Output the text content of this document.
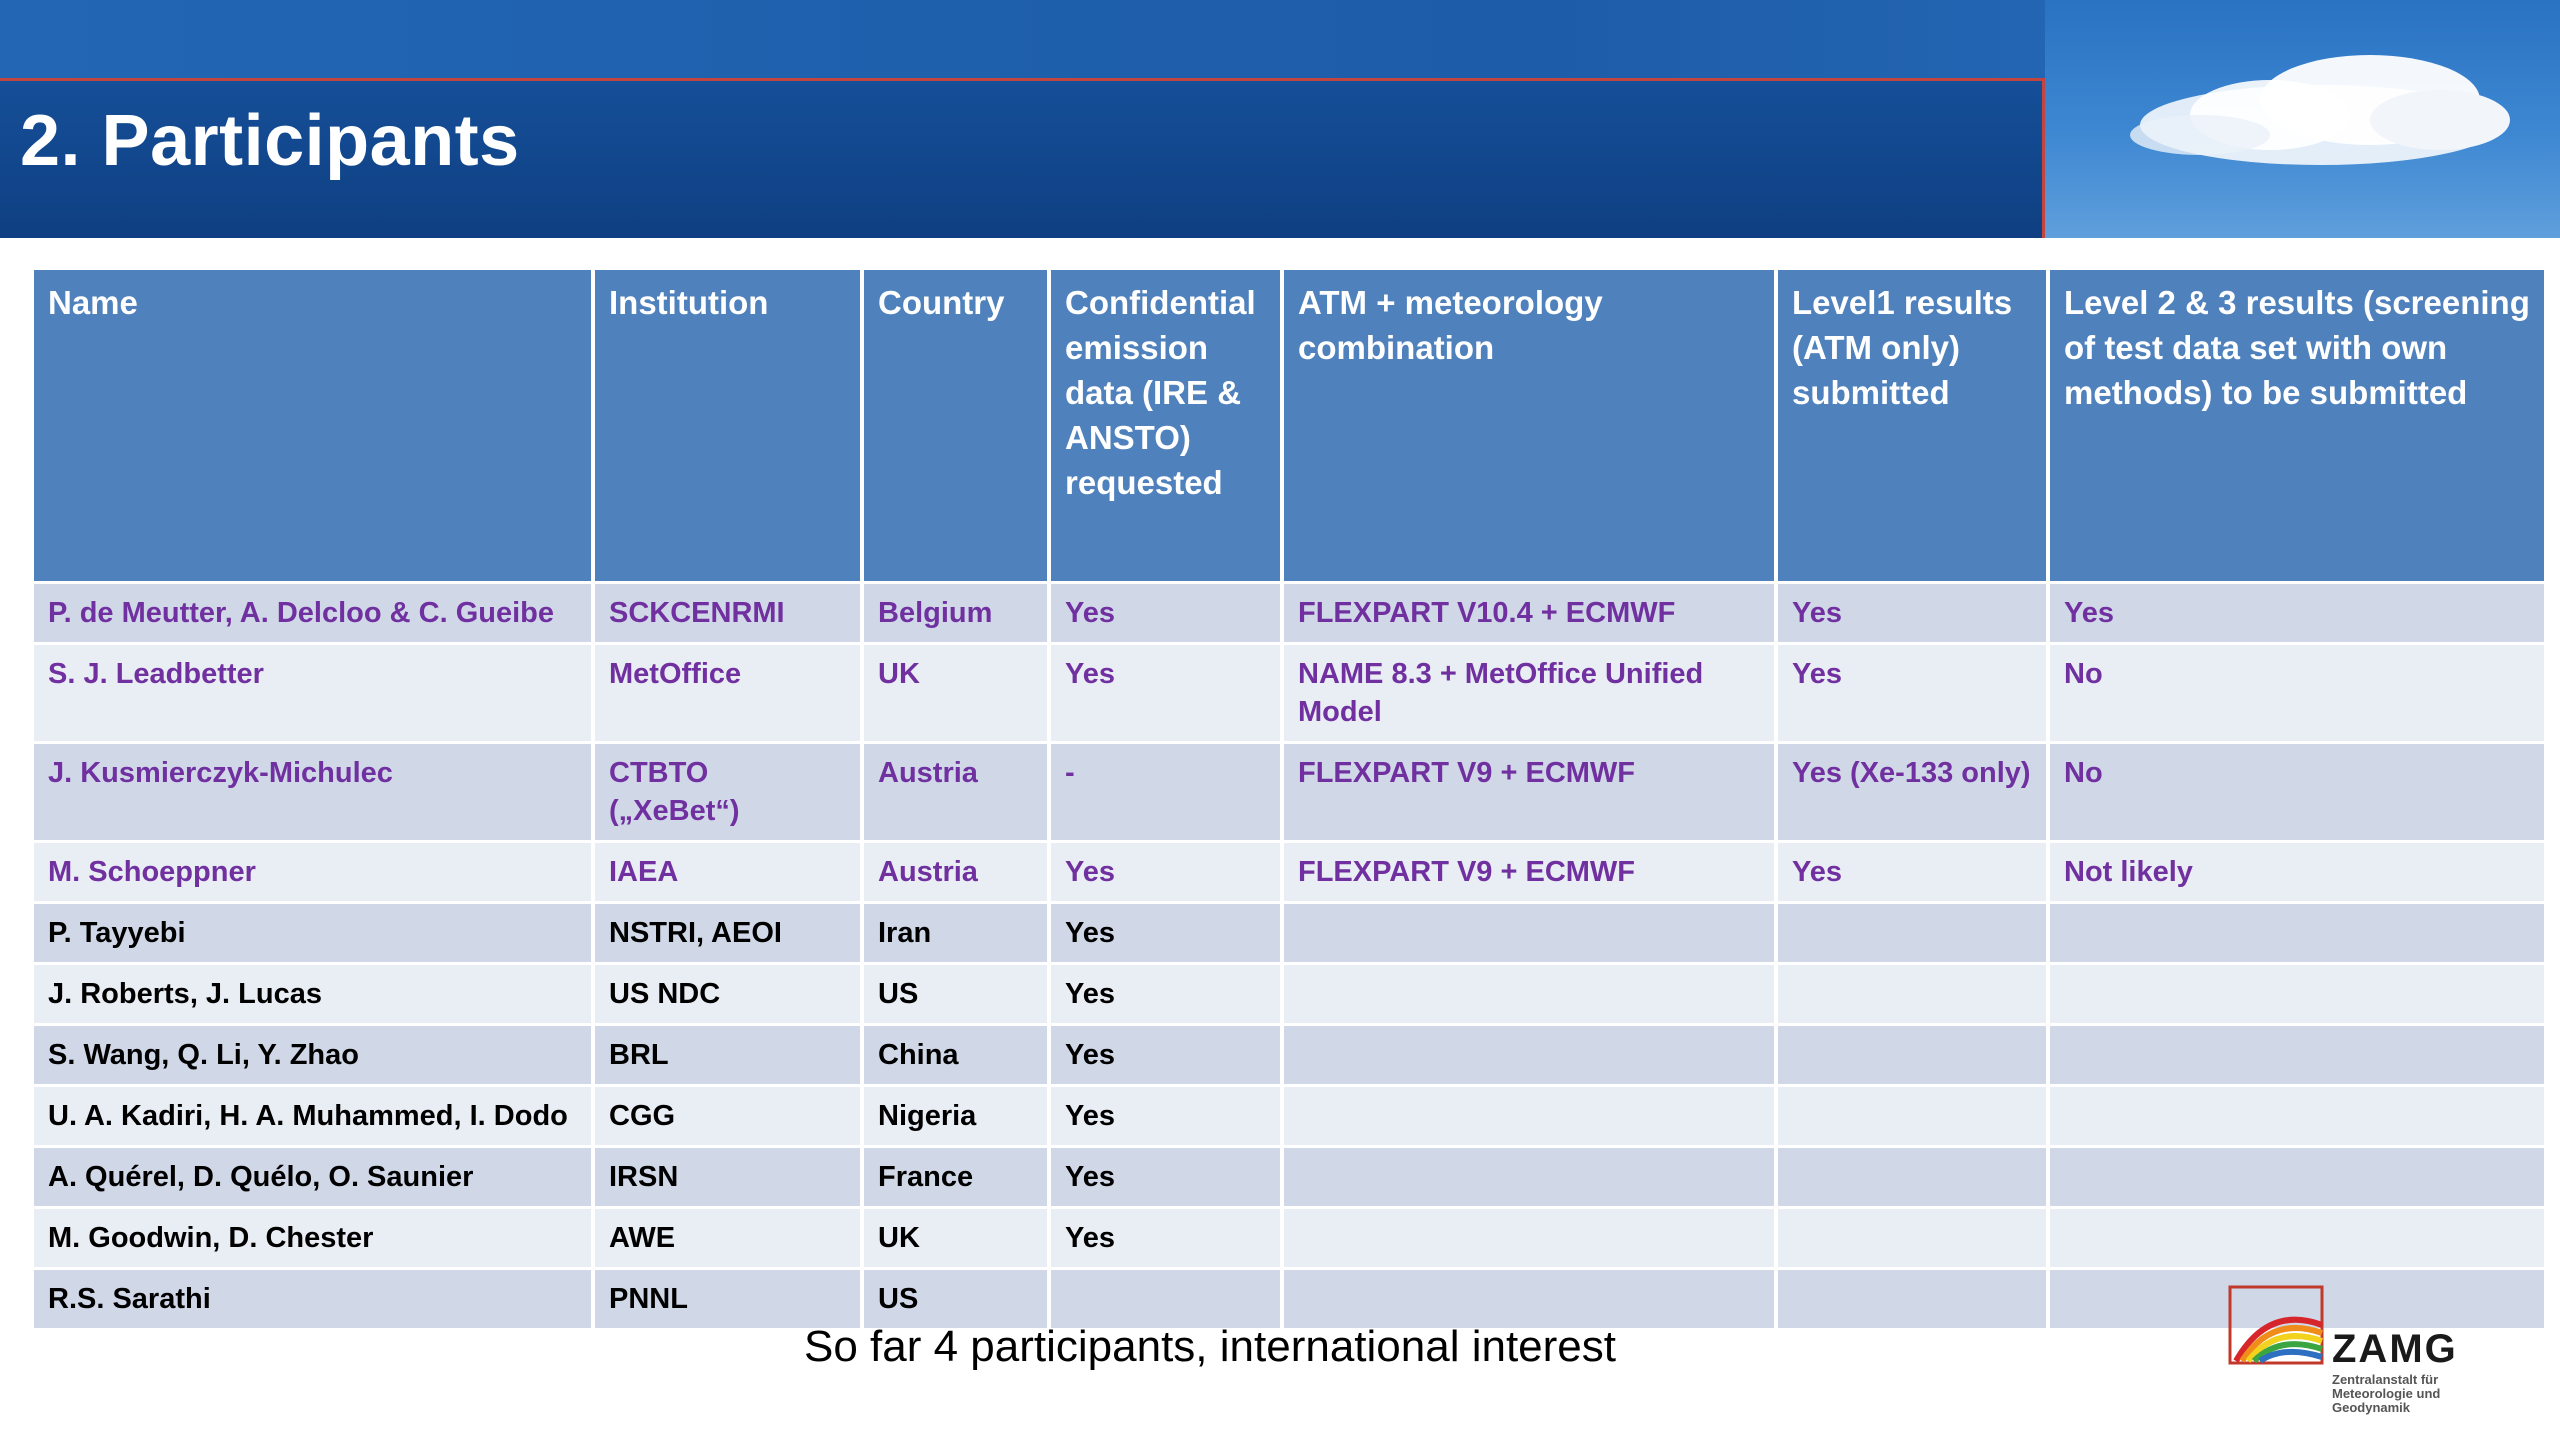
2. Participants
Name	Institution	Country	Confidential emission data (IRE & ANSTO) requested	ATM + meteorology combination	Level1 results (ATM only) submitted	Level 2 & 3 results (screening of test data set with own methods) to be submitted
P. de Meutter, A. Delcloo & C. Gueibe	SCKCENRMI	Belgium	Yes	FLEXPART V10.4 + ECMWF	Yes	Yes
S. J. Leadbetter	MetOffice	UK	Yes	NAME 8.3 + MetOffice Unified Model	Yes	No
J. Kusmierczyk-Michulec	CTBTO („XeBet“)	Austria	-	FLEXPART V9 + ECMWF	Yes (Xe-133 only)	No
M. Schoeppner	IAEA	Austria	Yes	FLEXPART V9 + ECMWF	Yes	Not likely
P. Tayyebi	NSTRI, AEOI	Iran	Yes			
J. Roberts, J. Lucas	US NDC	US	Yes			
S. Wang, Q. Li, Y. Zhao	BRL	China	Yes			
U. A. Kadiri, H. A. Muhammed, I. Dodo	CGG	Nigeria	Yes			
A. Quérel, D. Quélo, O. Saunier	IRSN	France	Yes			
M. Goodwin, D. Chester	AWE	UK	Yes			
R.S. Sarathi	PNNL	US				
So far 4 participants, international interest	ZAMG
Zentralanstalt für Meteorologie und Geodynamik
